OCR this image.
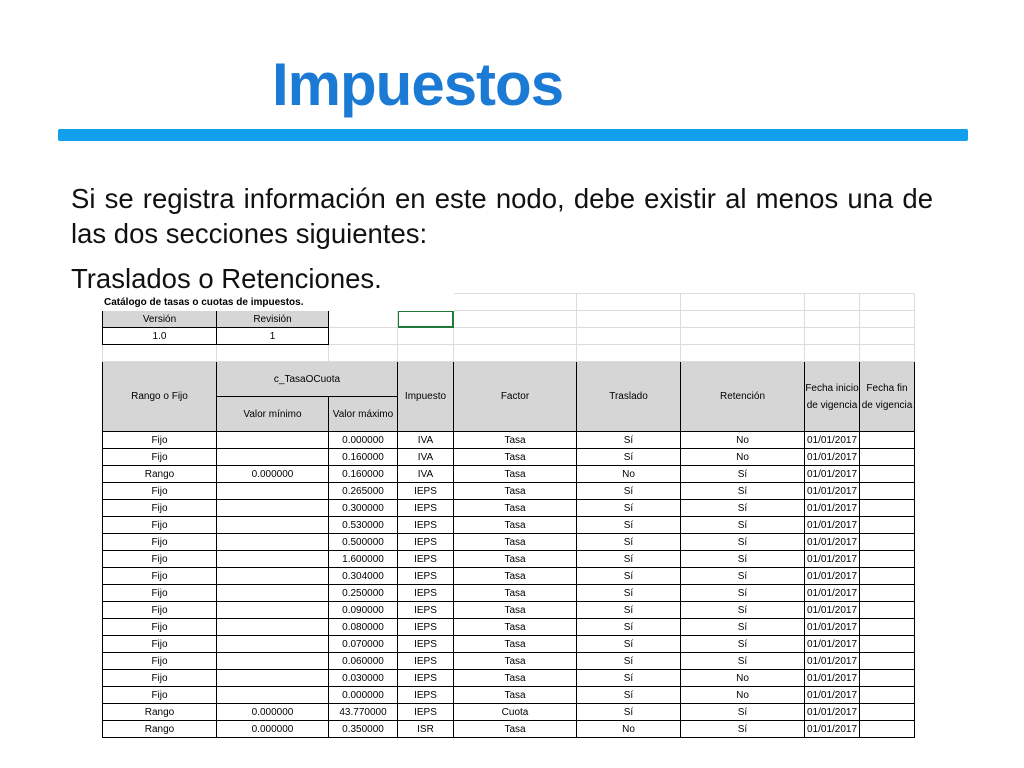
Impuestos

Si se registra información en este nodo, debe existir al menos una de las dos secciones siguientes:

Traslados o Retenciones.

Catálogo de tasas o cuotas de impuestos.								
Versión	Revisión							
1.0	1							

Rango o Fijo	c_TasaOCuota		Impuesto	Factor	Traslado	Retención	Fecha inicio de vigencia	Fecha fin de vigencia
	Valor mínimo	Valor máximo						
Fijo		0.000000	IVA	Tasa	Sí	No	01/01/2017	
Fijo		0.160000	IVA	Tasa	Sí	No	01/01/2017	
Rango	0.000000	0.160000	IVA	Tasa	No	Sí	01/01/2017	
Fijo		0.265000	IEPS	Tasa	Sí	Sí	01/01/2017	
Fijo		0.300000	IEPS	Tasa	Sí	Sí	01/01/2017	
Fijo		0.530000	IEPS	Tasa	Sí	Sí	01/01/2017	
Fijo		0.500000	IEPS	Tasa	Sí	Sí	01/01/2017	
Fijo		1.600000	IEPS	Tasa	Sí	Sí	01/01/2017	
Fijo		0.304000	IEPS	Tasa	Sí	Sí	01/01/2017	
Fijo		0.250000	IEPS	Tasa	Sí	Sí	01/01/2017	
Fijo		0.090000	IEPS	Tasa	Sí	Sí	01/01/2017	
Fijo		0.080000	IEPS	Tasa	Sí	Sí	01/01/2017	
Fijo		0.070000	IEPS	Tasa	Sí	Sí	01/01/2017	
Fijo		0.060000	IEPS	Tasa	Sí	Sí	01/01/2017	
Fijo		0.030000	IEPS	Tasa	Sí	No	01/01/2017	
Fijo		0.000000	IEPS	Tasa	Sí	No	01/01/2017	
Rango	0.000000	43.770000	IEPS	Cuota	Sí	Sí	01/01/2017	
Rango	0.000000	0.350000	ISR	Tasa	No	Sí	01/01/2017	
